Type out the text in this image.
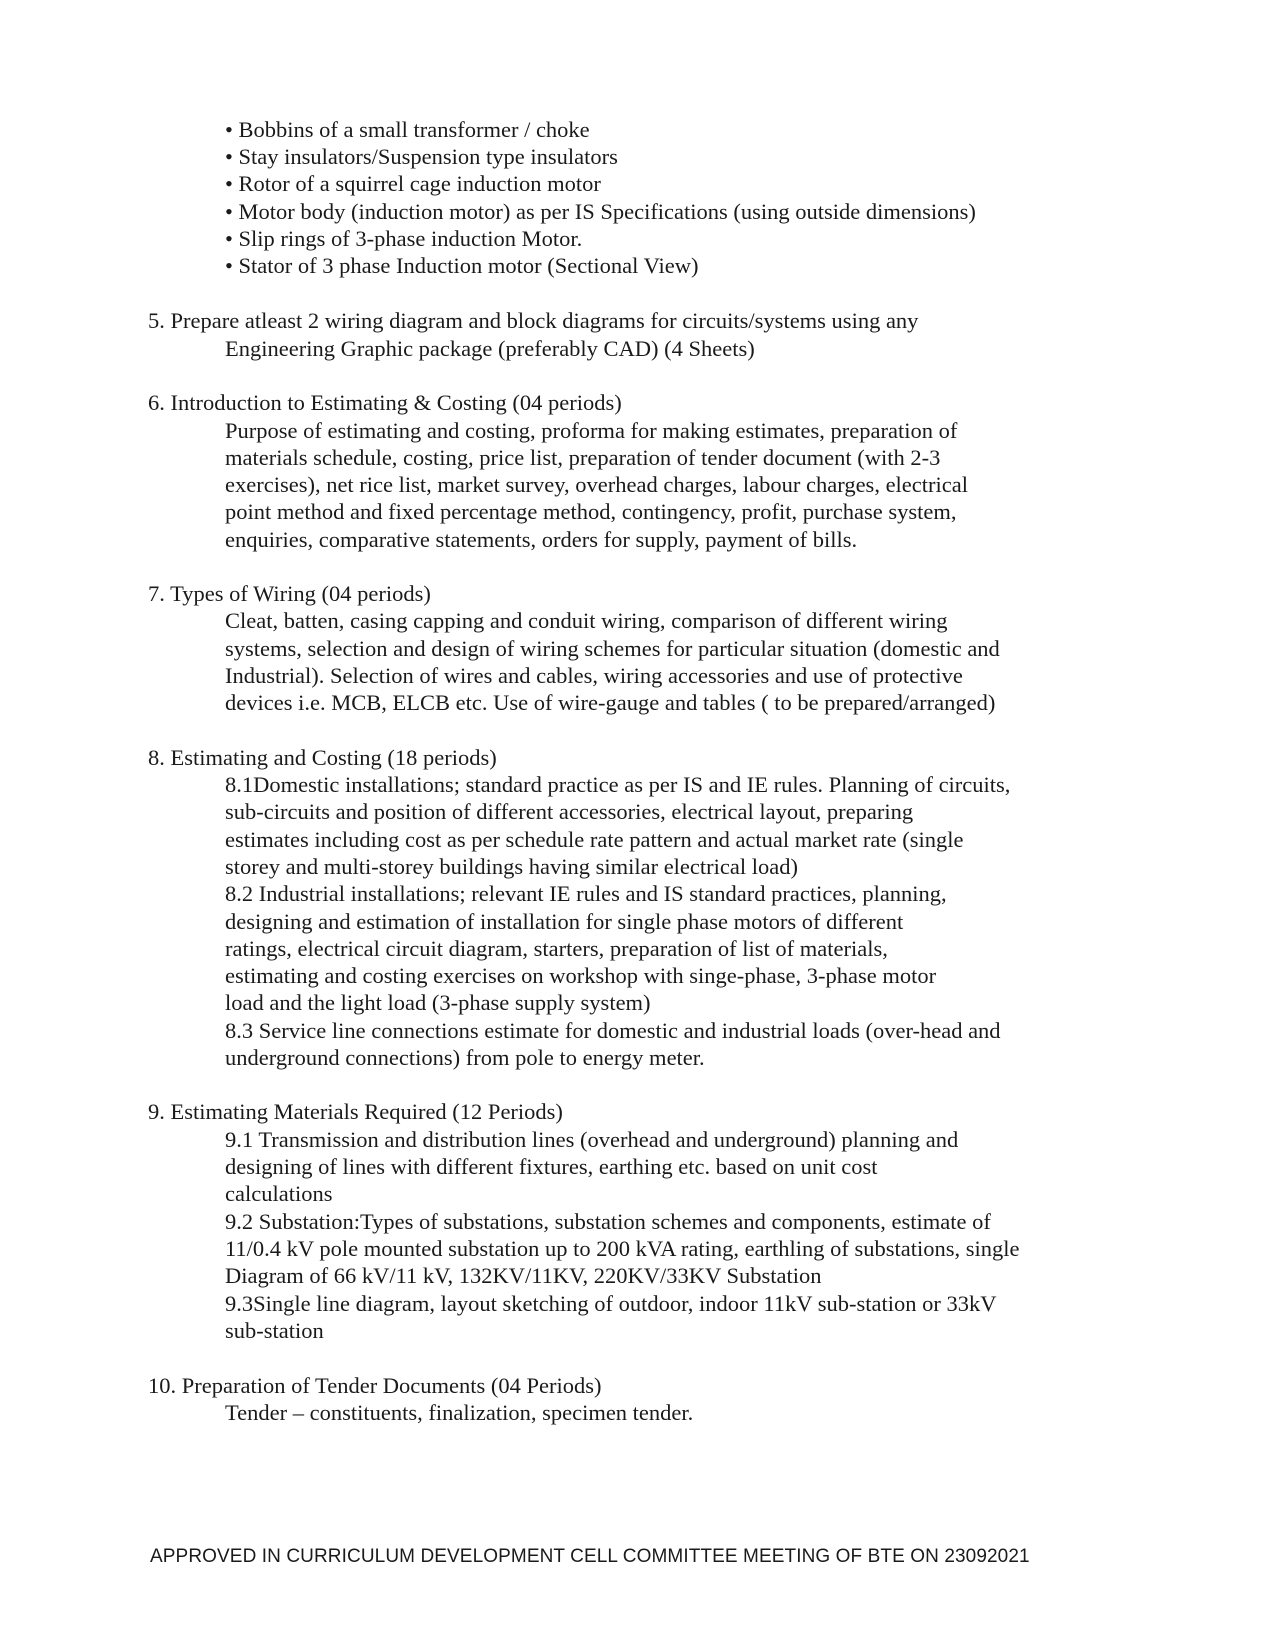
• Bobbins of a small transformer / choke
• Stay insulators/Suspension type insulators
• Rotor of a squirrel cage induction motor
• Motor body (induction motor) as per IS Specifications (using outside dimensions)
• Slip rings of 3-phase induction Motor.
• Stator of 3 phase Induction motor (Sectional View)
5. Prepare atleast 2 wiring diagram and block diagrams for circuits/systems using any
Engineering Graphic package (preferably CAD) (4 Sheets)
6. Introduction to Estimating & Costing (04 periods)
Purpose of estimating and costing, proforma for making estimates, preparation of
materials schedule, costing, price list, preparation of tender document (with 2-3
exercises), net rice list, market survey, overhead charges, labour charges, electrical
point method and fixed percentage method, contingency, profit, purchase system,
enquiries, comparative statements, orders for supply, payment of bills.
7. Types of Wiring (04 periods)
Cleat, batten, casing capping and conduit wiring, comparison of different wiring
systems, selection and design of wiring schemes for particular situation (domestic and
Industrial). Selection of wires and cables, wiring accessories and use of protective
devices i.e. MCB, ELCB etc. Use of wire-gauge and tables ( to be prepared/arranged)
8. Estimating and Costing (18 periods)
8.1Domestic installations; standard practice as per IS and IE rules. Planning of circuits,
sub-circuits and position of different accessories, electrical layout, preparing
estimates including cost as per schedule rate pattern and actual market rate (single
storey and multi-storey buildings having similar electrical load)
8.2 Industrial installations; relevant IE rules and IS standard practices, planning,
designing and estimation of installation for single phase motors of different
ratings, electrical circuit diagram, starters, preparation of list of materials,
estimating and costing exercises on workshop with singe-phase, 3-phase motor
load and the light load (3-phase supply system)
8.3 Service line connections estimate for domestic and industrial loads (over-head and
underground connections) from pole to energy meter.
9. Estimating Materials Required (12 Periods)
9.1 Transmission and distribution lines (overhead and underground) planning and
designing of lines with different fixtures, earthing etc. based on unit cost
calculations
9.2 Substation:Types of substations, substation schemes and components, estimate of
11/0.4 kV pole mounted substation up to 200 kVA rating, earthling of substations, single
Diagram of 66 kV/11 kV, 132KV/11KV, 220KV/33KV Substation
9.3Single line diagram, layout sketching of outdoor, indoor 11kV sub-station or 33kV
sub-station
10. Preparation of Tender Documents (04 Periods)
Tender – constituents, finalization, specimen tender.
APPROVED IN CURRICULUM DEVELOPMENT CELL COMMITTEE MEETING OF BTE ON 23092021
